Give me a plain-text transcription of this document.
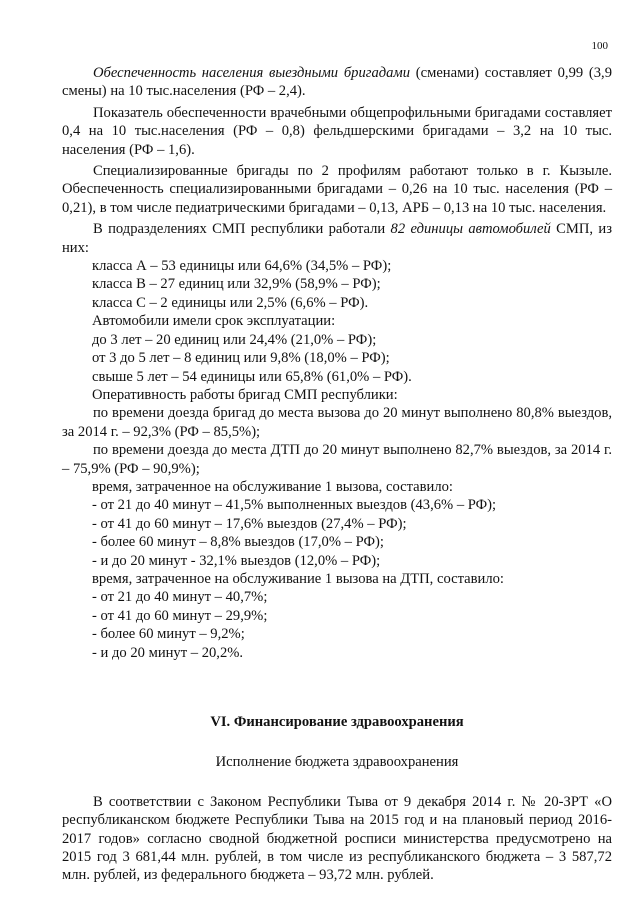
100

Обеспеченность населения выездными бригадами (сменами) составляет 0,99 (3,9 смены) на 10 тыс.населения (РФ – 2,4).

Показатель обеспеченности врачебными общепрофильными бригадами составляет 0,4 на 10 тыс.населения (РФ – 0,8) фельдшерскими бригадами – 3,2 на 10 тыс. населения (РФ – 1,6).

Специализированные бригады по 2 профилям работают только в г. Кызыле. Обеспеченность специализированными бригадами – 0,26 на 10 тыс. населения (РФ – 0,21), в том числе педиатрическими бригадами – 0,13, АРБ – 0,13 на 10 тыс. населения.

В подразделениях СМП республики работали 82 единицы автомобилей СМП, из них:

класса А – 53 единицы или 64,6% (34,5% – РФ);
класса В – 27 единиц или 32,9% (58,9% – РФ);
класса С – 2 единицы или 2,5% (6,6% – РФ).
Автомобили имели срок эксплуатации:
до 3 лет – 20 единиц или 24,4% (21,0% – РФ);
от 3 до 5 лет – 8 единиц или 9,8% (18,0% – РФ);
свыше 5 лет – 54 единицы или 65,8% (61,0% – РФ).
Оперативность работы бригад СМП республики:

по времени доезда бригад до места вызова до 20 минут выполнено 80,8% выездов, за 2014 г. – 92,3% (РФ – 85,5%);

по времени доезда до места ДТП до 20 минут выполнено 82,7% выездов, за 2014 г. – 75,9% (РФ – 90,9%);

время, затраченное на обслуживание 1 вызова, составило:
- от 21 до 40 минут – 41,5% выполненных выездов (43,6% – РФ);
- от 41 до 60 минут – 17,6% выездов (27,4% – РФ);
- более 60 минут – 8,8% выездов (17,0% – РФ);
- и до 20 минут - 32,1% выездов (12,0% – РФ);
время, затраченное на обслуживание 1 вызова на ДТП, составило:
- от 21 до 40 минут – 40,7%;
- от 41 до 60 минут – 29,9%;
- более 60 минут – 9,2%;
- и до 20 минут – 20,2%.
VI. Финансирование здравоохранения
Исполнение бюджета здравоохранения

В соответствии с Законом Республики Тыва от 9 декабря 2014 г. № 20-ЗРТ «О республиканском бюджете Республики Тыва на 2015 год и на плановый период 2016-2017 годов» согласно сводной бюджетной росписи министерства предусмотрено на 2015 год 3 681,44 млн. рублей, в том числе из республиканского бюджета – 3 587,72 млн. рублей, из федерального бюджета – 93,72 млн. рублей.
